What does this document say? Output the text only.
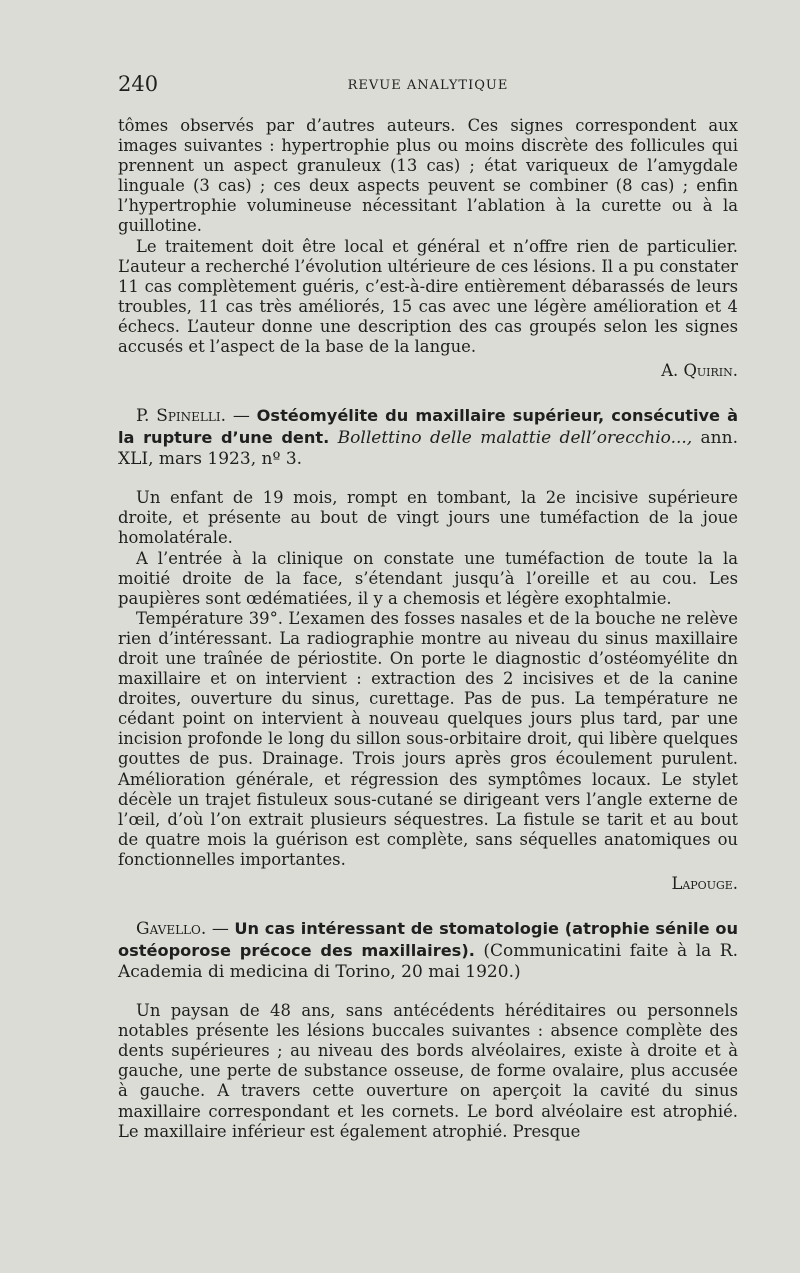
240	REVUE ANALYTIQUE

tômes observés par d’autres auteurs. Ces signes correspondent aux images suivantes : hypertrophie plus ou moins discrète des follicules qui prennent un aspect granuleux (13 cas) ; état variqueux de l’amygdale linguale (3 cas) ; ces deux aspects peuvent se combiner (8 cas) ; enfin l’hypertrophie volumineuse nécessitant l’ablation à la curette ou à la guillotine.

Le traitement doit être local et général et n’offre rien de particulier. L’auteur a recherché l’évolution ultérieure de ces lésions. Il a pu constater 11 cas complètement guéris, c’est-à-dire entièrement débarassés de leurs troubles, 11 cas très améliorés, 15 cas avec une légère amélioration et 4 échecs. L’auteur donne une description des cas groupés selon les signes accusés et l’aspect de la base de la langue.

A. Quirin.

P. Spinelli. — Ostéomyélite du maxillaire supérieur, consécutive à la rupture d’une dent. Bollettino delle malattie dell’orecchio..., ann. XLI, mars 1923, nº 3.

Un enfant de 19 mois, rompt en tombant, la 2e incisive supérieure droite, et présente au bout de vingt jours une tuméfaction de la joue homolatérale.

A l’entrée à la clinique on constate une tuméfaction de toute la la moitié droite de la face, s’étendant jusqu’à l’oreille et au cou. Les paupières sont œdématiées, il y a chemosis et légère exophtalmie.

Température 39°. L’examen des fosses nasales et de la bouche ne relève rien d’intéressant. La radiographie montre au niveau du sinus maxillaire droit une traînée de périostite. On porte le diagnostic d’ostéomyélite dn maxillaire et on intervient : extraction des 2 incisives et de la canine droites, ouverture du sinus, curettage. Pas de pus. La température ne cédant point on intervient à nouveau quelques jours plus tard, par une incision profonde le long du sillon sous-orbitaire droit, qui libère quelques gouttes de pus. Drainage. Trois jours après gros écoulement purulent. Amélioration générale, et régression des symptômes locaux. Le stylet décèle un trajet fistuleux sous-cutané se dirigeant vers l’angle externe de l’œil, d’où l’on extrait plusieurs séquestres. La fistule se tarit et au bout de quatre mois la guérison est complète, sans séquelles anatomiques ou fonctionnelles importantes.

Lapouge.

Gavello. — Un cas intéressant de stomatologie (atrophie sénile ou ostéoporose précoce des maxillaires). (Communicatini faite à la R. Academia di medicina di Torino, 20 mai 1920.)

Un paysan de 48 ans, sans antécédents héréditaires ou personnels notables présente les lésions buccales suivantes : absence complète des dents supérieures ; au niveau des bords alvéolaires, existe à droite et à gauche, une perte de substance osseuse, de forme ovalaire, plus accusée à gauche. A travers cette ouverture on aperçoit la cavité du sinus maxillaire correspondant et les cornets. Le bord alvéolaire est atrophié. Le maxillaire inférieur est également atrophié. Presque
